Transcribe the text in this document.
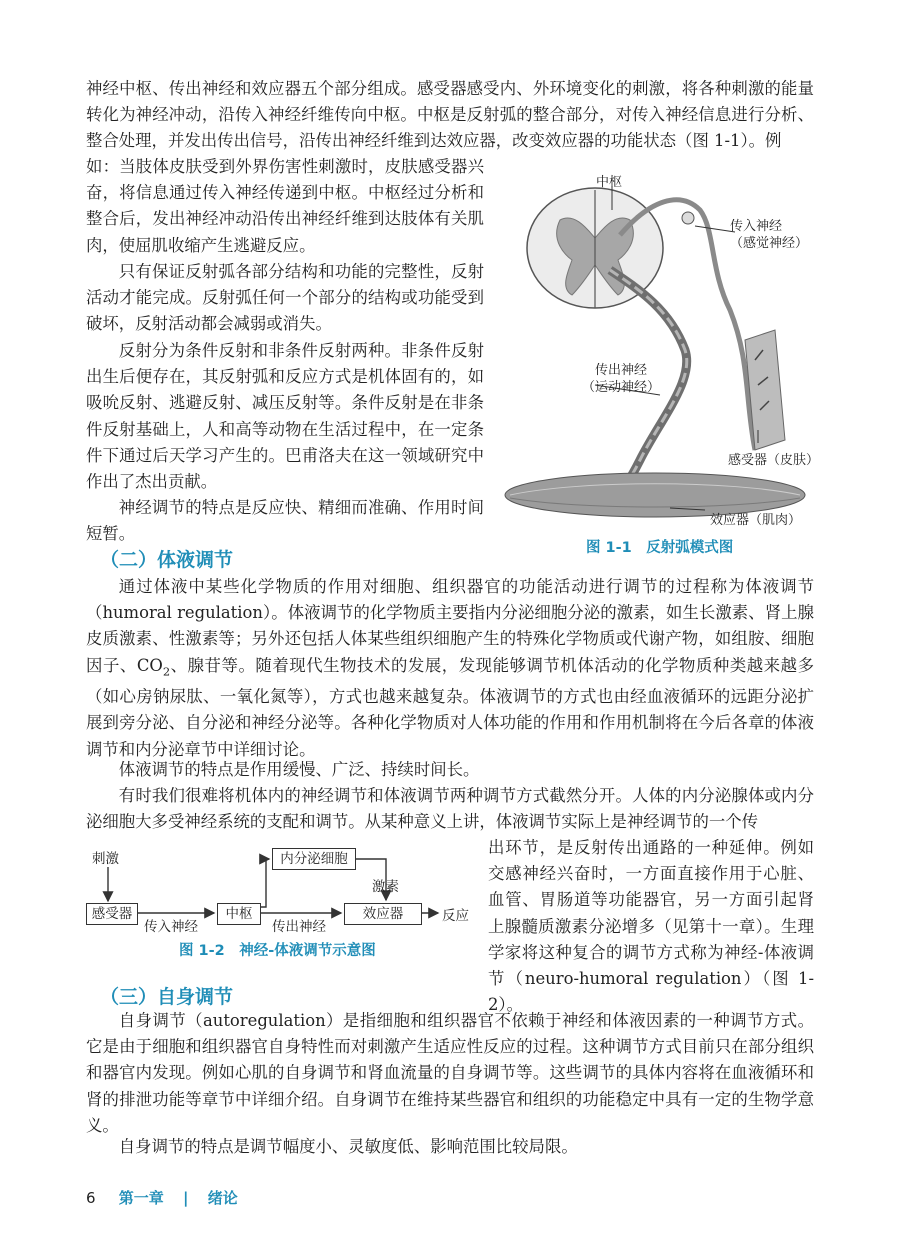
神经中枢、传出神经和效应器五个部分组成。感受器感受内、外环境变化的刺激，将各种刺激的能量转化为神经冲动，沿传入神经纤维传向中枢。中枢是反射弧的整合部分，对传入神经信息进行分析、整合处理，并发出传出信号，沿传出神经纤维到达效应器，改变效应器的功能状态（图 1-1）。例

如：当肢体皮肤受到外界伤害性刺激时，皮肤感受器兴奋，将信息通过传入神经传递到中枢。中枢经过分析和整合后，发出神经冲动沿传出神经纤维到达肢体有关肌肉，使屈肌收缩产生逃避反应。

只有保证反射弧各部分结构和功能的完整性，反射活动才能完成。反射弧任何一个部分的结构或功能受到破坏，反射活动都会减弱或消失。

反射分为条件反射和非条件反射两种。非条件反射出生后便存在，其反射弧和反应方式是机体固有的，如吸吮反射、逃避反射、减压反射等。条件反射是在非条件反射基础上，人和高等动物在生活过程中，在一定条件下通过后天学习产生的。巴甫洛夫在这一领域研究中作出了杰出贡献。

神经调节的特点是反应快、精细而准确、作用时间短暂。

中枢
传入神经
（感觉神经）
传出神经
（运动神经）
感受器（皮肤）
效应器（肌肉）
图 1-1　反射弧模式图
（二）体液调节

通过体液中某些化学物质的作用对细胞、组织器官的功能活动进行调节的过程称为体液调节（humoral regulation）。体液调节的化学物质主要指内分泌细胞分泌的激素，如生长激素、肾上腺皮质激素、性激素等；另外还包括人体某些组织细胞产生的特殊化学物质或代谢产物，如组胺、细胞因子、$CO_2$、腺苷等。随着现代生物技术的发展，发现能够调节机体活动的化学物质种类越来越多（如心房钠尿肽、一氧化氮等），方式也越来越复杂。体液调节的方式也由经血液循环的远距分泌扩展到旁分泌、自分泌和神经分泌等。各种化学物质对人体功能的作用和作用机制将在今后各章的体液调节和内分泌章节中详细讨论。

体液调节的特点是作用缓慢、广泛、持续时间长。

有时我们很难将机体内的神经调节和体液调节两种调节方式截然分开。人体的内分泌腺体或内分泌细胞大多受神经系统的支配和调节。从某种意义上讲，体液调节实际上是神经调节的一个传

出环节，是反射传出通路的一种延伸。例如交感神经兴奋时，一方面直接作用于心脏、血管、胃肠道等功能器官，另一方面引起肾上腺髓质激素分泌增多（见第十一章）。生理学家将这种复合的调节方式称为神经-体液调节（neuro-humoral regulation）（图 1-2）。

刺激
感受器
传入神经
中枢
内分泌细胞
激素
传出神经
效应器	反应
图 1-2　神经-体液调节示意图
（三）自身调节

自身调节（autoregulation）是指细胞和组织器官不依赖于神经和体液因素的一种调节方式。它是由于细胞和组织器官自身特性而对刺激产生适应性反应的过程。这种调节方式目前只在部分组织和器官内发现。例如心肌的自身调节和肾血流量的自身调节等。这些调节的具体内容将在血液循环和肾的排泄功能等章节中详细介绍。自身调节在维持某些器官和组织的功能稳定中具有一定的生物学意义。

自身调节的特点是调节幅度小、灵敏度低、影响范围比较局限。

6 第一章 | 绪论
